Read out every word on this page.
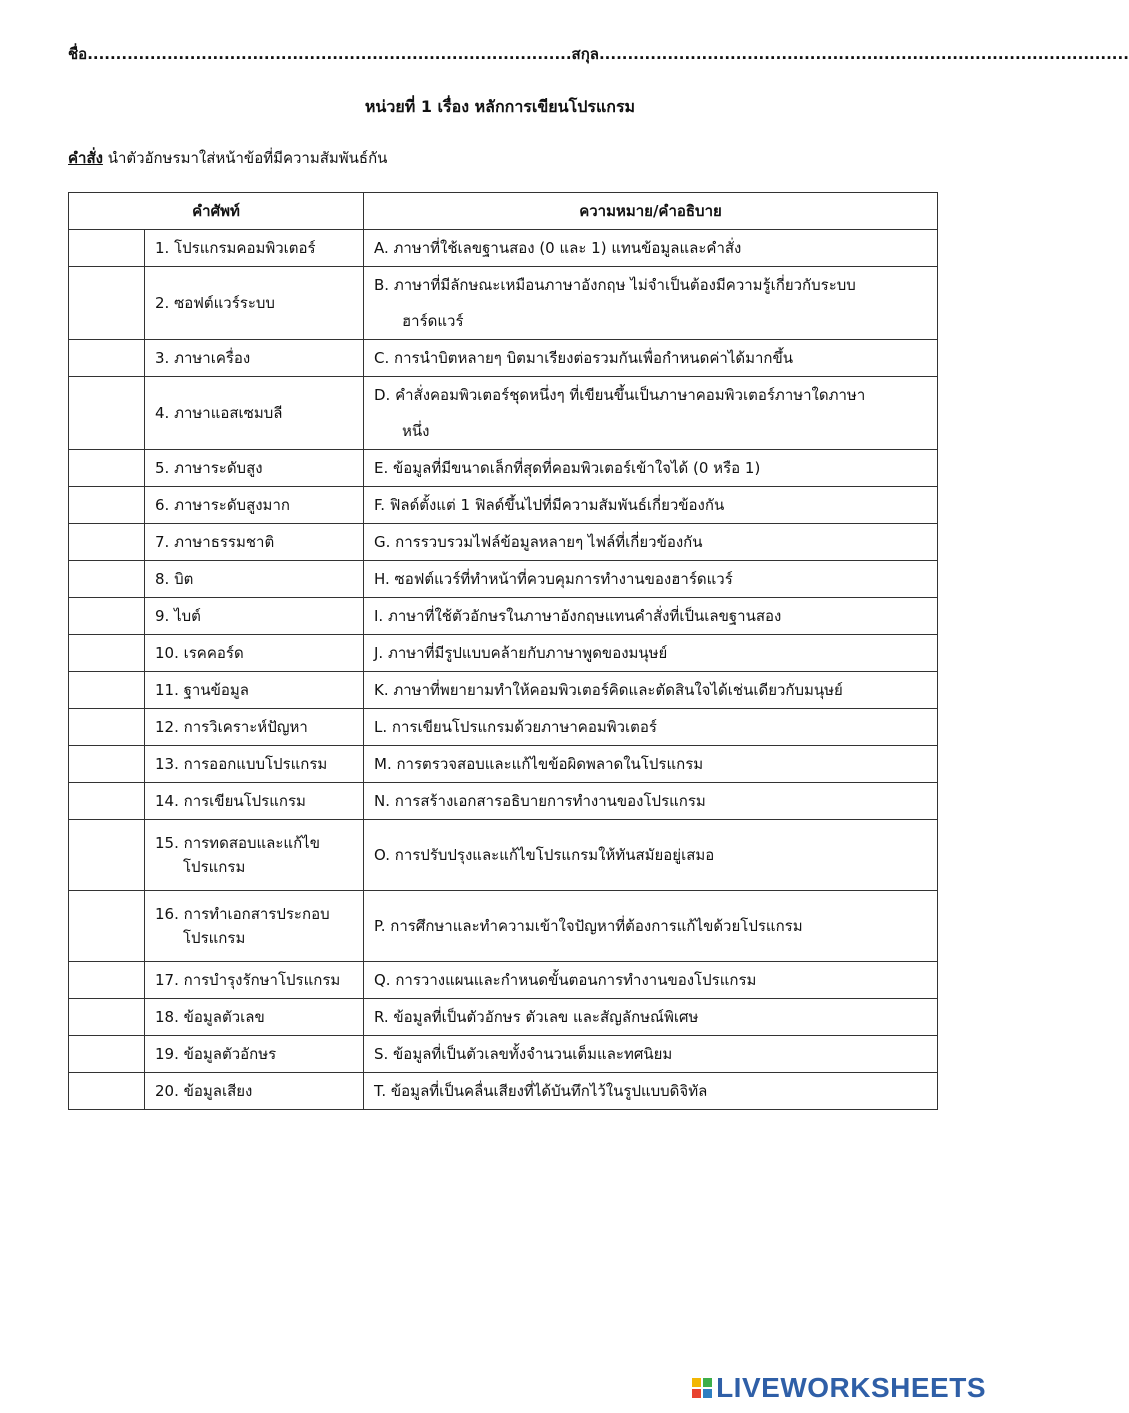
ชื่อ.....................................................................................สกุล.............................................................................................
หน่วยที่ 1 เรื่อง หลักการเขียนโปรแกรม
คำสั่ง นำตัวอักษรมาใส่หน้าข้อที่มีความสัมพันธ์กัน
คำศัพท์		ความหมาย/คำอธิบาย
	1. โปรแกรมคอมพิวเตอร์	A. ภาษาที่ใช้เลขฐานสอง (0 และ 1) แทนข้อมูลและคำสั่ง

	2. ซอฟต์แวร์ระบบ	B. ภาษาที่มีลักษณะเหมือนภาษาอังกฤษ ไม่จำเป็นต้องมีความรู้เกี่ยวกับระบบ
ฮาร์ดแวร์

	3. ภาษาเครื่อง	C. การนำบิตหลายๆ บิตมาเรียงต่อรวมกันเพื่อกำหนดค่าได้มากขึ้น

	4. ภาษาแอสเซมบลี	D. คำสั่งคอมพิวเตอร์ชุดหนึ่งๆ ที่เขียนขึ้นเป็นภาษาคอมพิวเตอร์ภาษาใดภาษา
หนึ่ง

	5. ภาษาระดับสูง	E. ข้อมูลที่มีขนาดเล็กที่สุดที่คอมพิวเตอร์เข้าใจได้ (0 หรือ 1)

	6. ภาษาระดับสูงมาก	F. ฟิลด์ตั้งแต่ 1 ฟิลด์ขึ้นไปที่มีความสัมพันธ์เกี่ยวข้องกัน

	7. ภาษาธรรมชาติ	G. การรวบรวมไฟล์ข้อมูลหลายๆ ไฟล์ที่เกี่ยวข้องกัน

	8. บิต	H. ซอฟต์แวร์ที่ทำหน้าที่ควบคุมการทำงานของฮาร์ดแวร์

	9. ไบต์	I. ภาษาที่ใช้ตัวอักษรในภาษาอังกฤษแทนคำสั่งที่เป็นเลขฐานสอง

	10. เรคคอร์ด	J. ภาษาที่มีรูปแบบคล้ายกับภาษาพูดของมนุษย์

	11. ฐานข้อมูล	K. ภาษาที่พยายามทำให้คอมพิวเตอร์คิดและตัดสินใจได้เช่นเดียวกับมนุษย์

	12. การวิเคราะห์ปัญหา	L. การเขียนโปรแกรมด้วยภาษาคอมพิวเตอร์

	13. การออกแบบโปรแกรม	M. การตรวจสอบและแก้ไขข้อผิดพลาดในโปรแกรม

	14. การเขียนโปรแกรม	N. การสร้างเอกสารอธิบายการทำงานของโปรแกรม

	15. การทดสอบและแก้ไข
โปรแกรม	O. การปรับปรุงและแก้ไขโปรแกรมให้ทันสมัยอยู่เสมอ

	16. การทำเอกสารประกอบ
โปรแกรม	P. การศึกษาและทำความเข้าใจปัญหาที่ต้องการแก้ไขด้วยโปรแกรม

	17. การบำรุงรักษาโปรแกรม	Q. การวางแผนและกำหนดขั้นตอนการทำงานของโปรแกรม

	18. ข้อมูลตัวเลข	R. ข้อมูลที่เป็นตัวอักษร ตัวเลข และสัญลักษณ์พิเศษ

	19. ข้อมูลตัวอักษร	S. ข้อมูลที่เป็นตัวเลขทั้งจำนวนเต็มและทศนิยม

	20. ข้อมูลเสียง	T. ข้อมูลที่เป็นคลื่นเสียงที่ได้บันทึกไว้ในรูปแบบดิจิทัล
LIVEWORKSHEETS
